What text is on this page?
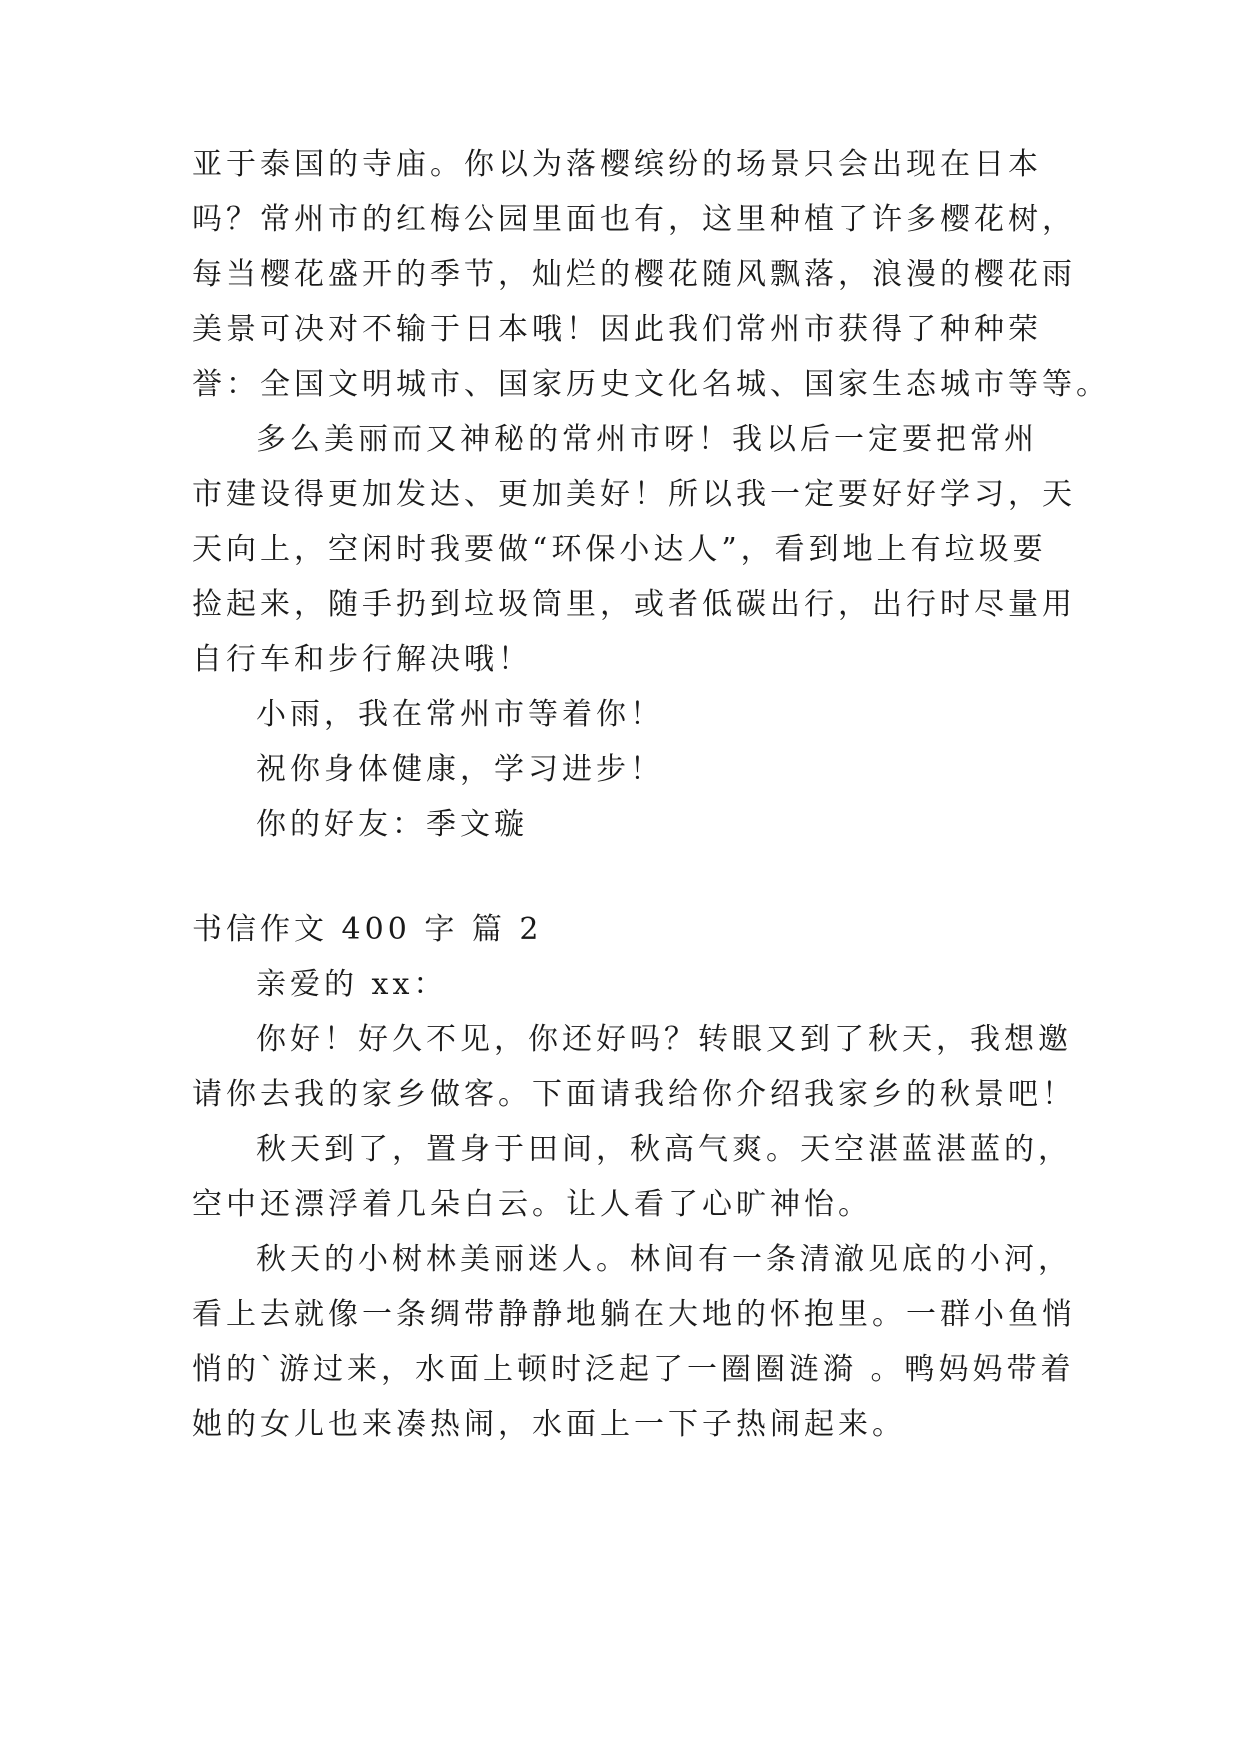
亚于泰国的寺庙。你以为落樱缤纷的场景只会出现在日本
吗？常州市的红梅公园里面也有，这里种植了许多樱花树，
每当樱花盛开的季节，灿烂的樱花随风飘落，浪漫的樱花雨
美景可决对不输于日本哦！因此我们常州市获得了种种荣
誉：全国文明城市、国家历史文化名城、国家生态城市等等。
多么美丽而又神秘的常州市呀！我以后一定要把常州
市建设得更加发达、更加美好！所以我一定要好好学习，天
天向上，空闲时我要做“环保小达人”，看到地上有垃圾要
捡起来，随手扔到垃圾筒里，或者低碳出行，出行时尽量用
自行车和步行解决哦！
小雨，我在常州市等着你！
祝你身体健康，学习进步！
你的好友：季文璇
书信作文 400 字 篇 2
亲爱的 xx：
你好！好久不见，你还好吗？转眼又到了秋天，我想邀
请你去我的家乡做客。下面请我给你介绍我家乡的秋景吧！
秋天到了，置身于田间，秋高气爽。天空湛蓝湛蓝的，
空中还漂浮着几朵白云。让人看了心旷神怡。
秋天的小树林美丽迷人。林间有一条清澈见底的小河，
看上去就像一条绸带静静地躺在大地的怀抱里。一群小鱼悄
悄的`游过来，水面上顿时泛起了一圈圈涟漪 。鸭妈妈带着
她的女儿也来凑热闹，水面上一下子热闹起来。
